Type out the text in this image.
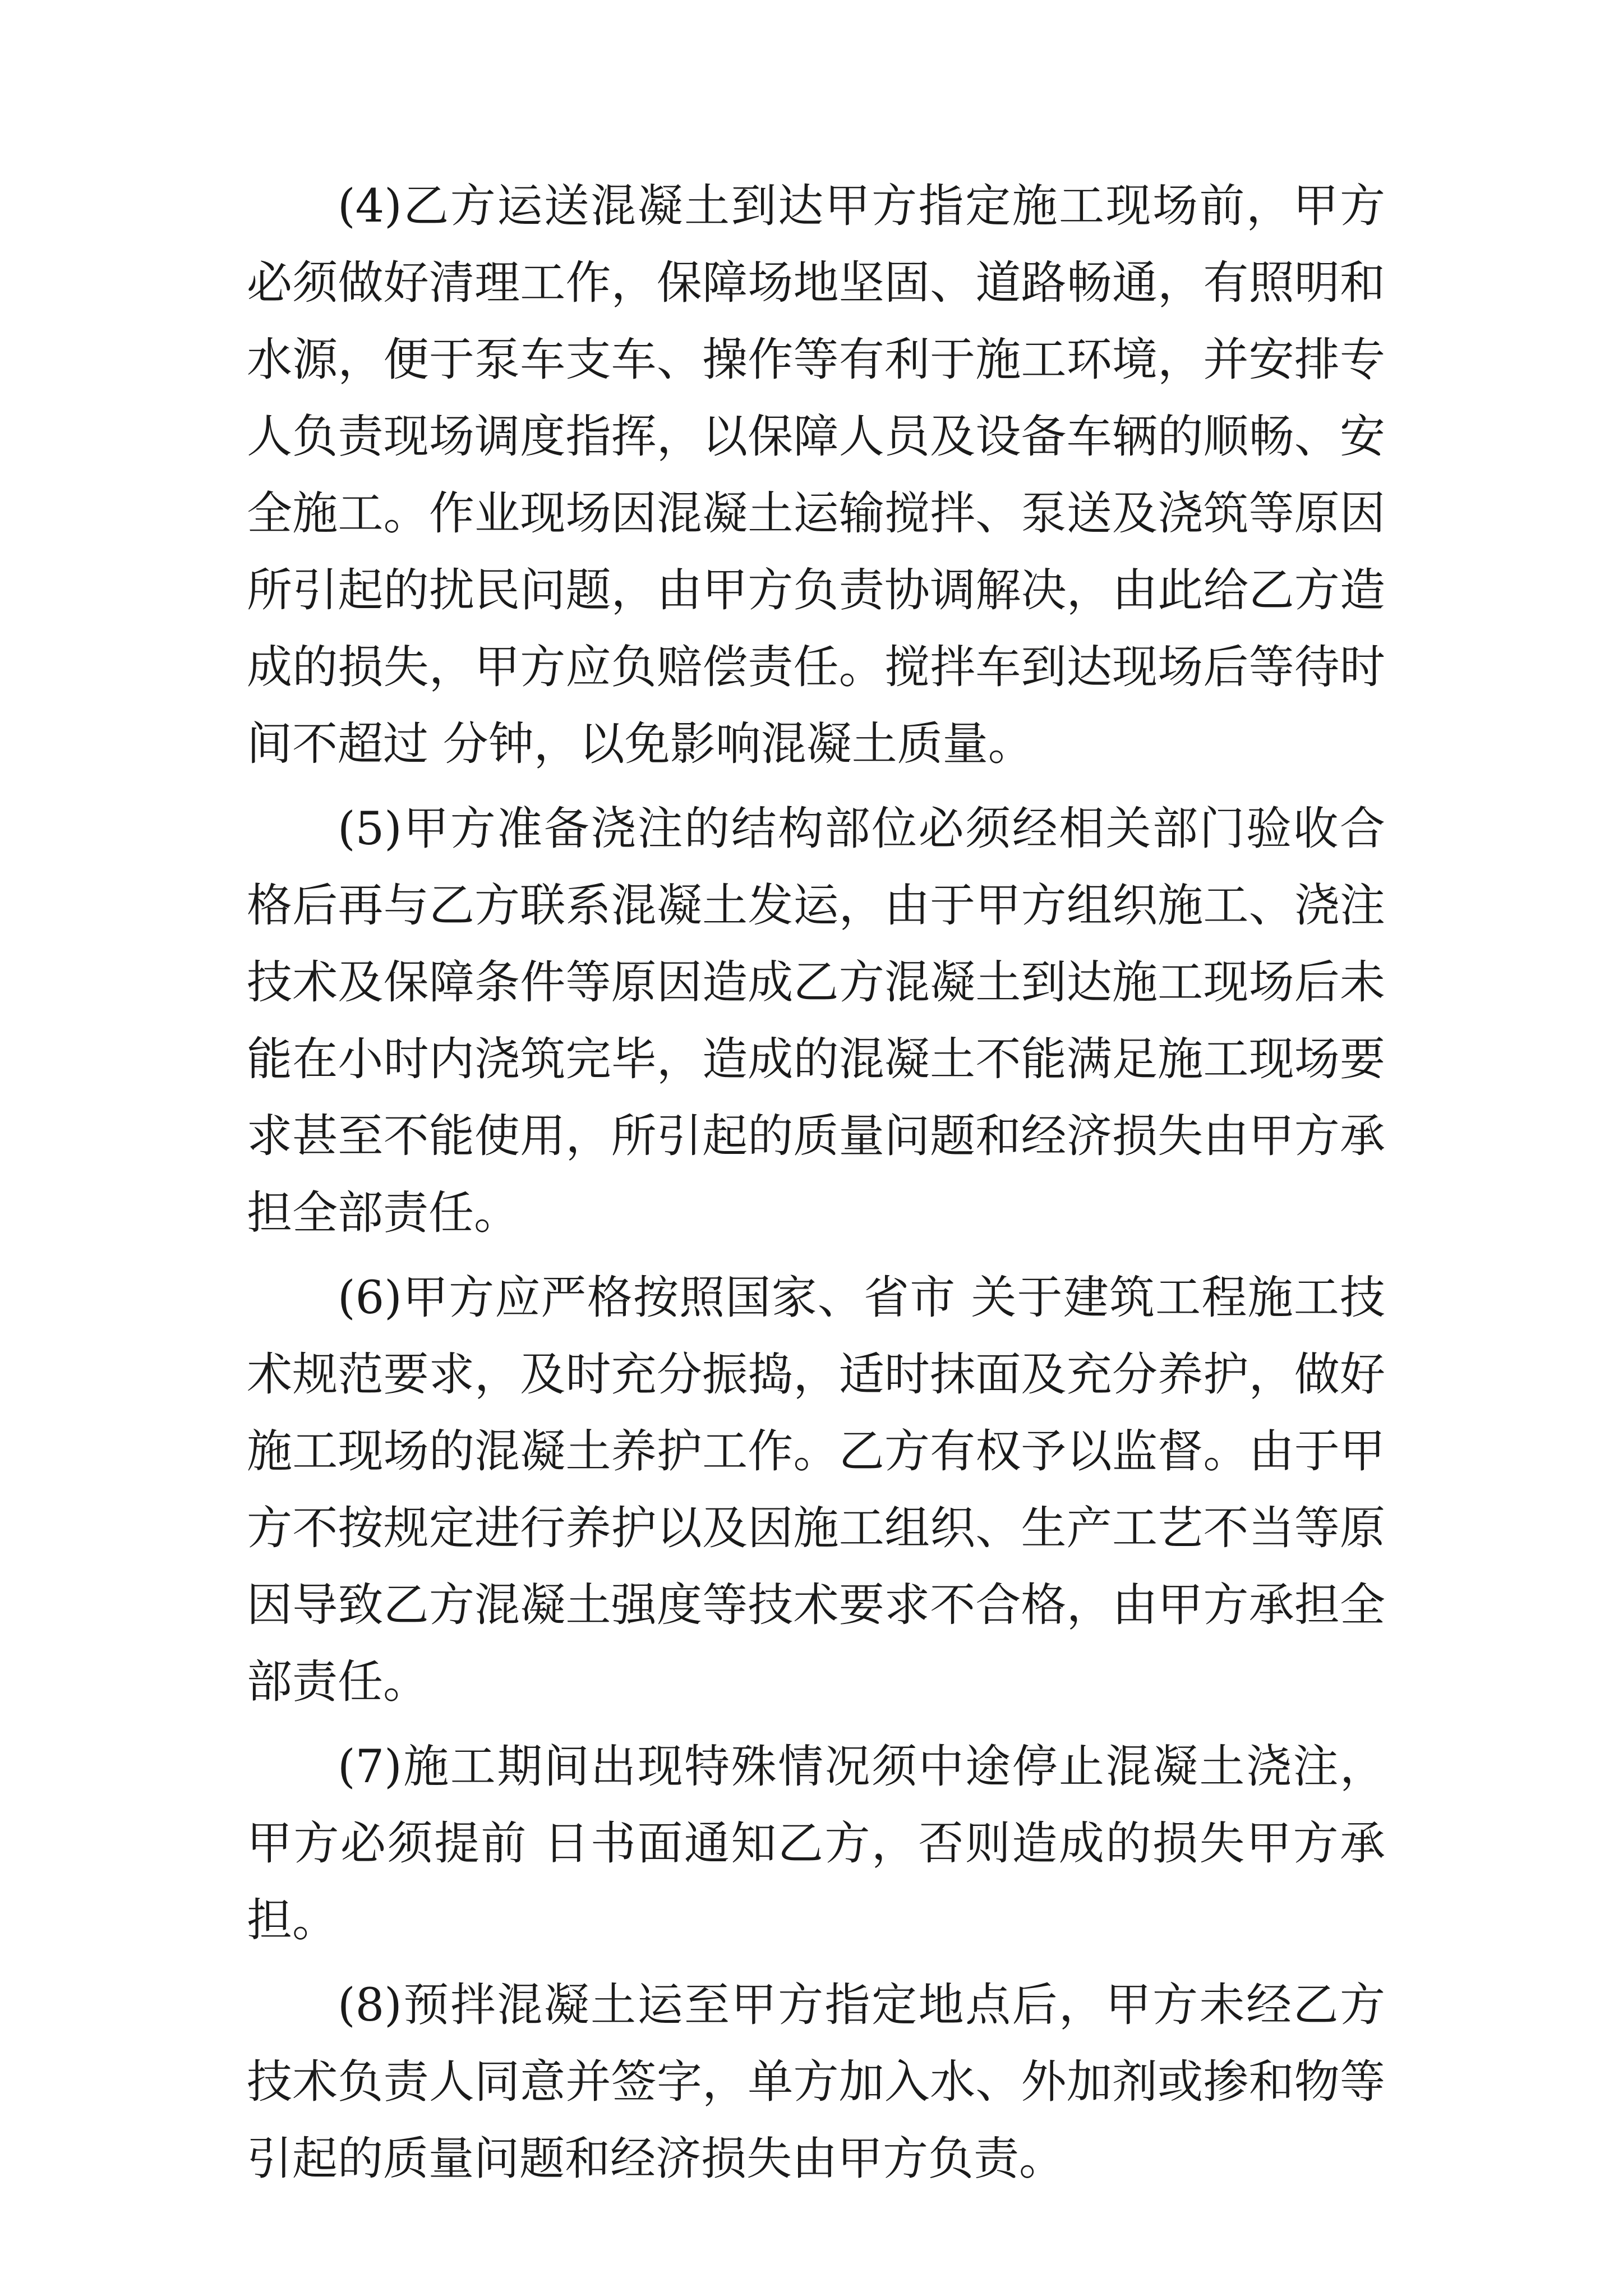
(4)乙方运送混凝土到达甲方指定施工现场前，甲方必须做好清理工作，保障场地坚固、道路畅通，有照明和水源，便于泵车支车、操作等有利于施工环境，并安排专人负责现场调度指挥，以保障人员及设备车辆的顺畅、安全施工。作业现场因混凝土运输搅拌、泵送及浇筑等原因所引起的扰民问题，由甲方负责协调解决，由此给乙方造成的损失，甲方应负赔偿责任。搅拌车到达现场后等待时间不超过 分钟，以免影响混凝土质量。

(5)甲方准备浇注的结构部位必须经相关部门验收合格后再与乙方联系混凝土发运，由于甲方组织施工、浇注技术及保障条件等原因造成乙方混凝土到达施工现场后未能在小时内浇筑完毕，造成的混凝土不能满足施工现场要求甚至不能使用，所引起的质量问题和经济损失由甲方承担全部责任。

(6)甲方应严格按照国家、省市 关于建筑工程施工技术规范要求，及时充分振捣，适时抹面及充分养护，做好施工现场的混凝土养护工作。乙方有权予以监督。由于甲方不按规定进行养护以及因施工组织、生产工艺不当等原因导致乙方混凝土强度等技术要求不合格，由甲方承担全部责任。

(7)施工期间出现特殊情况须中途停止混凝土浇注，甲方必须提前 日书面通知乙方，否则造成的损失甲方承担。

(8)预拌混凝土运至甲方指定地点后，甲方未经乙方技术负责人同意并签字，单方加入水、外加剂或掺和物等引起的质量问题和经济损失由甲方负责。
